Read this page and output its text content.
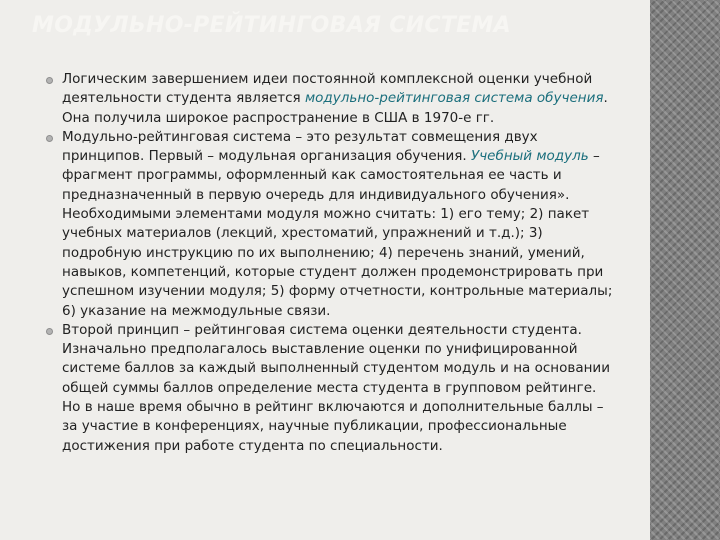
МОДУЛЬНО-РЕЙТИНГОВАЯ СИСТЕМА
Логическим завершением идеи постоянной комплексной оценки учебной деятельности студента является модульно-рейтинговая система обучения. Она получила широкое распространение в США в 1970-е гг.
Модульно-рейтинговая система – это результат совмещения двух принципов. Первый – модульная организация обучения. Учебный модуль – фрагмент программы, оформленный как самостоятельная ее часть и предназначенный в первую очередь для индивидуального обучения». Необходимыми элементами модуля можно считать: 1) его тему; 2) пакет учебных материалов (лекций, хрестоматий, упражнений и т.д.); 3) подробную инструкцию по их выполнению; 4) перечень знаний, умений, навыков, компетенций, которые студент должен продемонстрировать при успешном изучении модуля; 5) форму отчетности, контрольные материалы; 6) указание на межмодульные связи.
Второй принцип – рейтинговая система оценки деятельности студента. Изначально предполагалось выставление оценки по унифицированной системе баллов за каждый выполненный студентом модуль и на основании общей суммы баллов определение места студента в групповом рейтинге. Но в наше время обычно в рейтинг включаются и дополнительные баллы – за участие в конференциях, научные публикации, профессиональные достижения при работе студента по специальности.
